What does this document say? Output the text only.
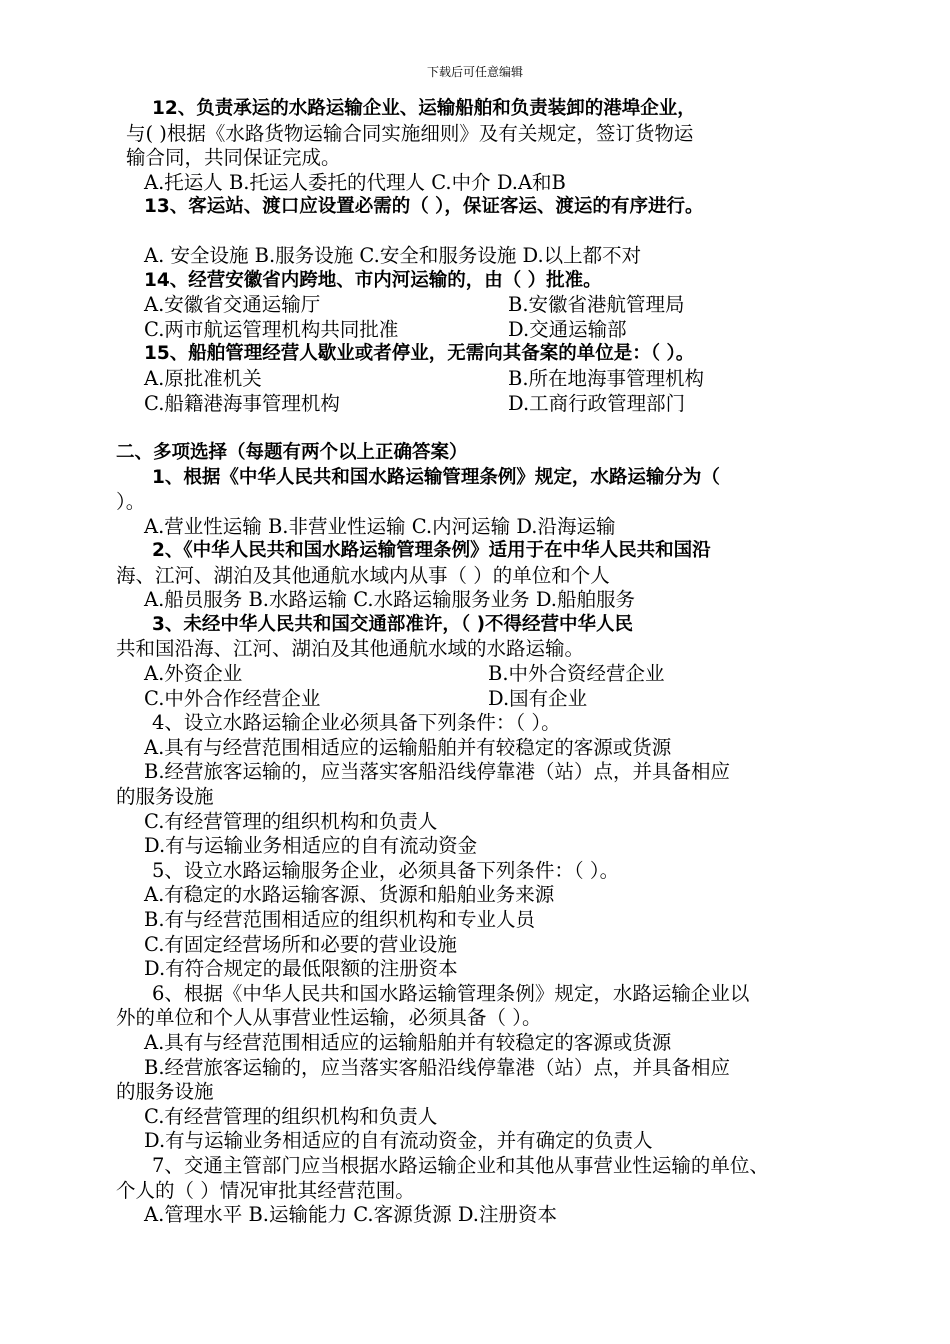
下载后可任意编辑
12、负责承运的水路运输企业、运输船舶和负责装卸的港埠企业，
与( )根据《水路货物运输合同实施细则》及有关规定，签订货物运
输合同，共同保证完成。
A.托运人 B.托运人委托的代理人 C.中介 D.A和B
13、客运站、渡口应设置必需的（ ），保证客运、渡运的有序进行。
A. 安全设施 B.服务设施 C.安全和服务设施 D.以上都不对
14、经营安徽省内跨地、市内河运输的，由（ ）批准。
A.安徽省交通运输厅	B.安徽省港航管理局
C.两市航运管理机构共同批准	D.交通运输部
15、船舶管理经营人歇业或者停业，无需向其备案的单位是：（ ）。
A.原批准机关	B.所在地海事管理机构
C.船籍港海事管理机构	D.工商行政管理部门
二、多项选择（每题有两个以上正确答案）
1、根据《中华人民共和国水路运输管理条例》规定，水路运输分为（
）。
A.营业性运输 B.非营业性运输 C.内河运输 D.沿海运输
2、《中华人民共和国水路运输管理条例》适用于在中华人民共和国沿
海、江河、湖泊及其他通航水域内从事（ ）的单位和个人
A.船员服务 B.水路运输 C.水路运输服务业务 D.船舶服务
3、未经中华人民共和国交通部准许，（ )不得经营中华人民
共和国沿海、江河、湖泊及其他通航水域的水路运输。
A.外资企业	B.中外合资经营企业
C.中外合作经营企业	D.国有企业
4、设立水路运输企业必须具备下列条件：（ ）。
A.具有与经营范围相适应的运输船舶并有较稳定的客源或货源
B.经营旅客运输的，应当落实客船沿线停靠港（站）点，并具备相应
的服务设施
C.有经营管理的组织机构和负责人
D.有与运输业务相适应的自有流动资金
5、设立水路运输服务企业，必须具备下列条件：（ ）。
A.有稳定的水路运输客源、货源和船舶业务来源
B.有与经营范围相适应的组织机构和专业人员
C.有固定经营场所和必要的营业设施
D.有符合规定的最低限额的注册资本
6、根据《中华人民共和国水路运输管理条例》规定，水路运输企业以
外的单位和个人从事营业性运输，必须具备（ ）。
A.具有与经营范围相适应的运输船舶并有较稳定的客源或货源
B.经营旅客运输的，应当落实客船沿线停靠港（站）点，并具备相应
的服务设施
C.有经营管理的组织机构和负责人
D.有与运输业务相适应的自有流动资金，并有确定的负责人
7、交通主管部门应当根据水路运输企业和其他从事营业性运输的单位、
个人的（ ）情况审批其经营范围。
A.管理水平 B.运输能力 C.客源货源 D.注册资本
